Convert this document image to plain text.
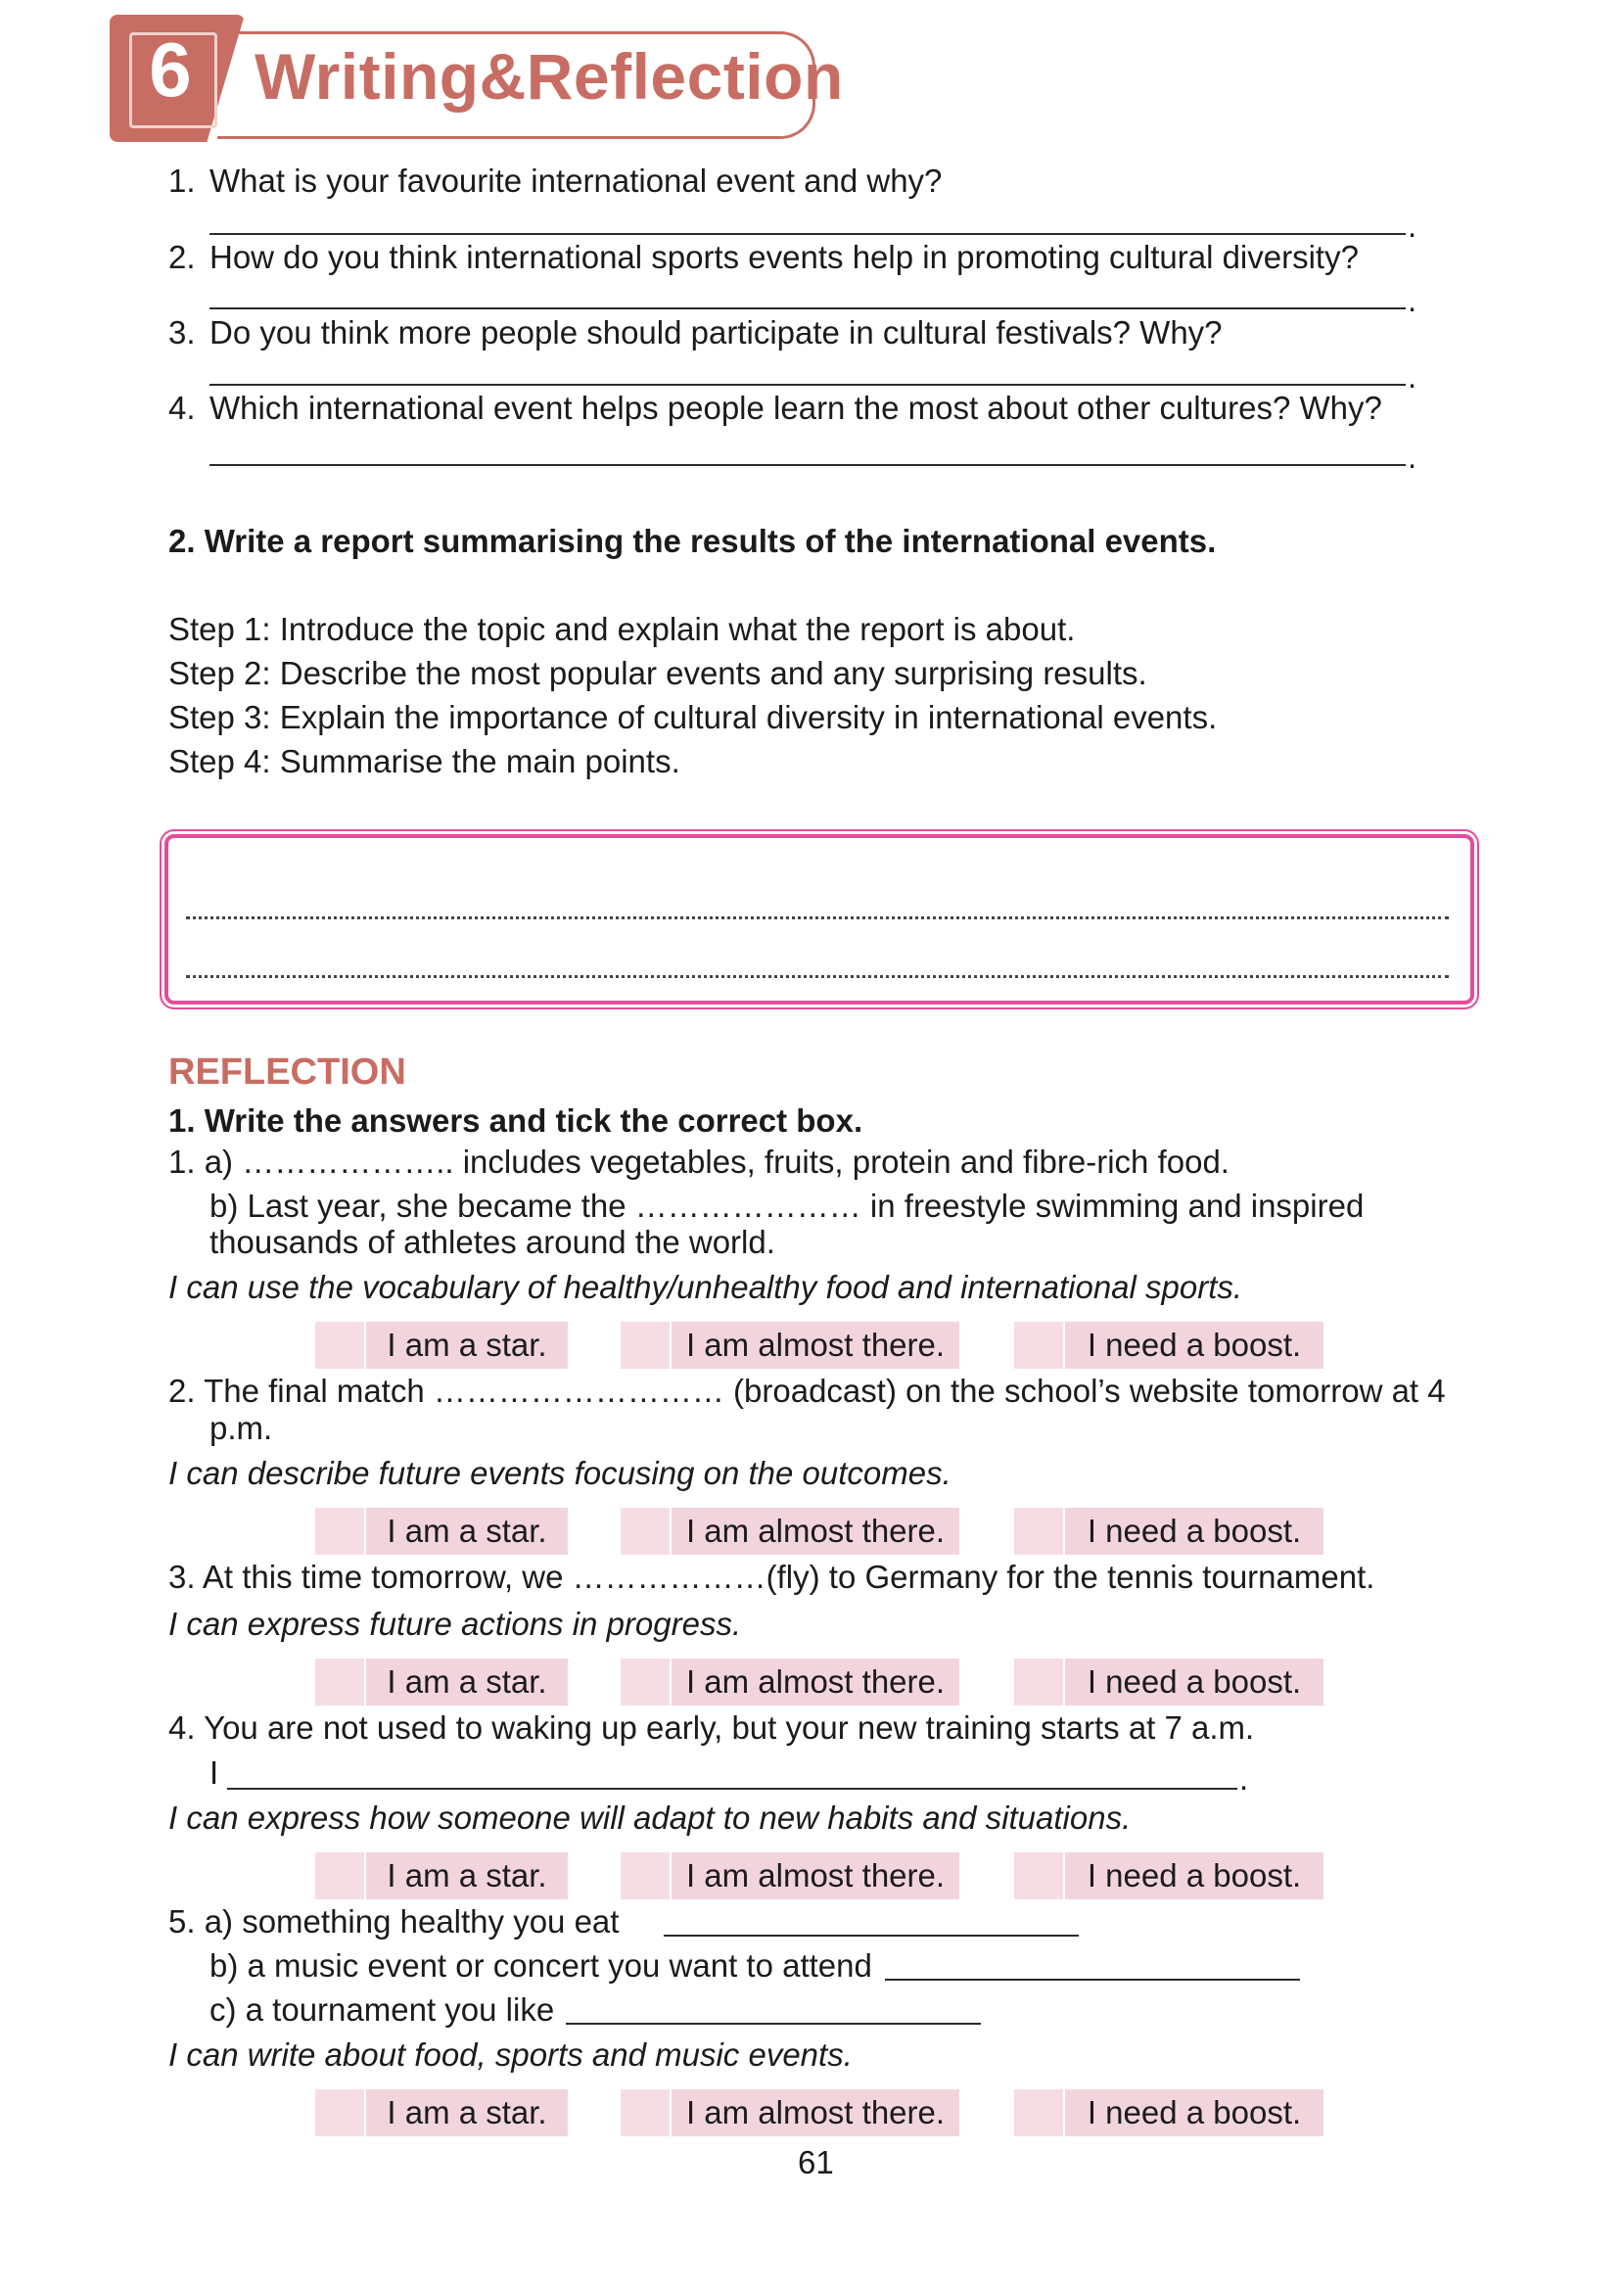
6 Writing&Reflection
1. What is your favourite international event and why?
.
2. How do you think international sports events help in promoting cultural diversity?
.
3. Do you think more people should participate in cultural festivals? Why?
.
4. Which international event helps people learn the most about other cultures? Why?
.
2. Write a report summarising the results of the international events.
Step 1: Introduce the topic and explain what the report is about.
Step 2: Describe the most popular events and any surprising results.
Step 3: Explain the importance of cultural diversity in international events.
Step 4: Summarise the main points.
REFLECTION
1. Write the answers and tick the correct box.
1. a) ……………….. includes vegetables, fruits, protein and fibre-rich food.
b) Last year, she became the ………………… in freestyle swimming and inspired
thousands of athletes around the world.
I can use the vocabulary of healthy/unhealthy food and international sports.
I am a star.	I am almost there.	I need a boost.
2. The final match ……………………… (broadcast) on the school’s website tomorrow at 4
p.m.
I can describe future events focusing on the outcomes.
I am a star.	I am almost there.	I need a boost.
3. At this time tomorrow, we ………………(fly) to Germany for the tennis tournament.
I can express future actions in progress.
I am a star.	I am almost there.	I need a boost.
4. You are not used to waking up early, but your new training starts at 7 a.m.
I	.
I can express how someone will adapt to new habits and situations.
I am a star.	I am almost there.	I need a boost.
5. a) something healthy you eat
b) a music event or concert you want to attend
c) a tournament you like
I can write about food, sports and music events.
I am a star.	I am almost there.	I need a boost.
61
